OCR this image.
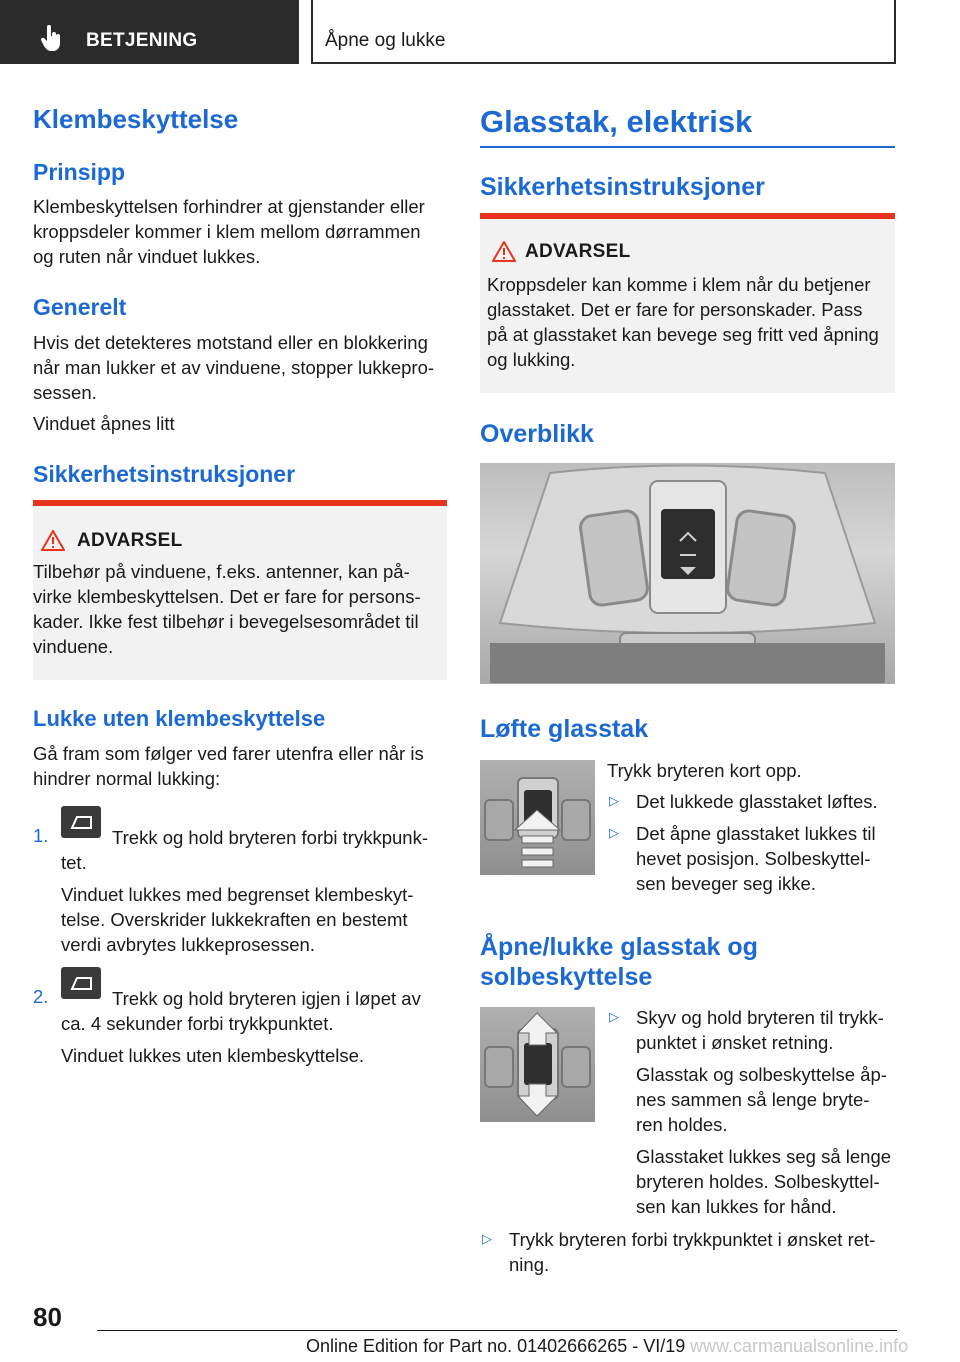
BETJENING	Åpne og lukke
Klembeskyttelse
Prinsipp
Klembeskyttelsen forhindrer at gjenstander eller
kroppsdeler kommer i klem mellom dørrammen
og ruten når vinduet lukkes.
Generelt
Hvis det detekteres motstand eller en blokkering
når man lukker et av vinduene, stopper lukkepro‐
sessen.
Vinduet åpnes litt
Sikkerhetsinstruksjoner
ADVARSEL
Tilbehør på vinduene, f.eks. antenner, kan på‐
virke klembeskyttelsen. Det er fare for persons‐
kader. Ikke fest tilbehør i bevegelsesområdet til
vinduene.
Lukke uten klembeskyttelse
Gå fram som følger ved farer utenfra eller når is
hindrer normal lukking:
1.	Trekk og hold bryteren forbi trykkpunk‐
tet.
Vinduet lukkes med begrenset klembeskyt‐
telse. Overskrider lukkekraften en bestemt
verdi avbrytes lukkeprosessen.
2.	Trekk og hold bryteren igjen i løpet av
ca. 4 sekunder forbi trykkpunktet.
Vinduet lukkes uten klembeskyttelse.
Glasstak, elektrisk
Sikkerhetsinstruksjoner
ADVARSEL
Kroppsdeler kan komme i klem når du betjener
glasstaket. Det er fare for personskader. Pass
på at glasstaket kan bevege seg fritt ved åpning
og lukking.
Overblikk
Løfte glasstak
Trykk bryteren kort opp.
▷ Det lukkede glasstaket løftes.
▷ Det åpne glasstaket lukkes til
hevet posisjon. Solbeskyttel‐
sen beveger seg ikke.
Åpne/lukke glasstak og
solbeskyttelse
▷ Skyv og hold bryteren til trykk‐
punktet i ønsket retning.
Glasstak og solbeskyttelse åp‐
nes sammen så lenge bryte‐
ren holdes.
Glasstaket lukkes seg så lenge
bryteren holdes. Solbeskyttel‐
sen kan lukkes for hånd.
▷ Trykk bryteren forbi trykkpunktet i ønsket ret‐
ning.
80
Online Edition for Part no. 01402666265 - VI/19 www.carmanualsonline.info
